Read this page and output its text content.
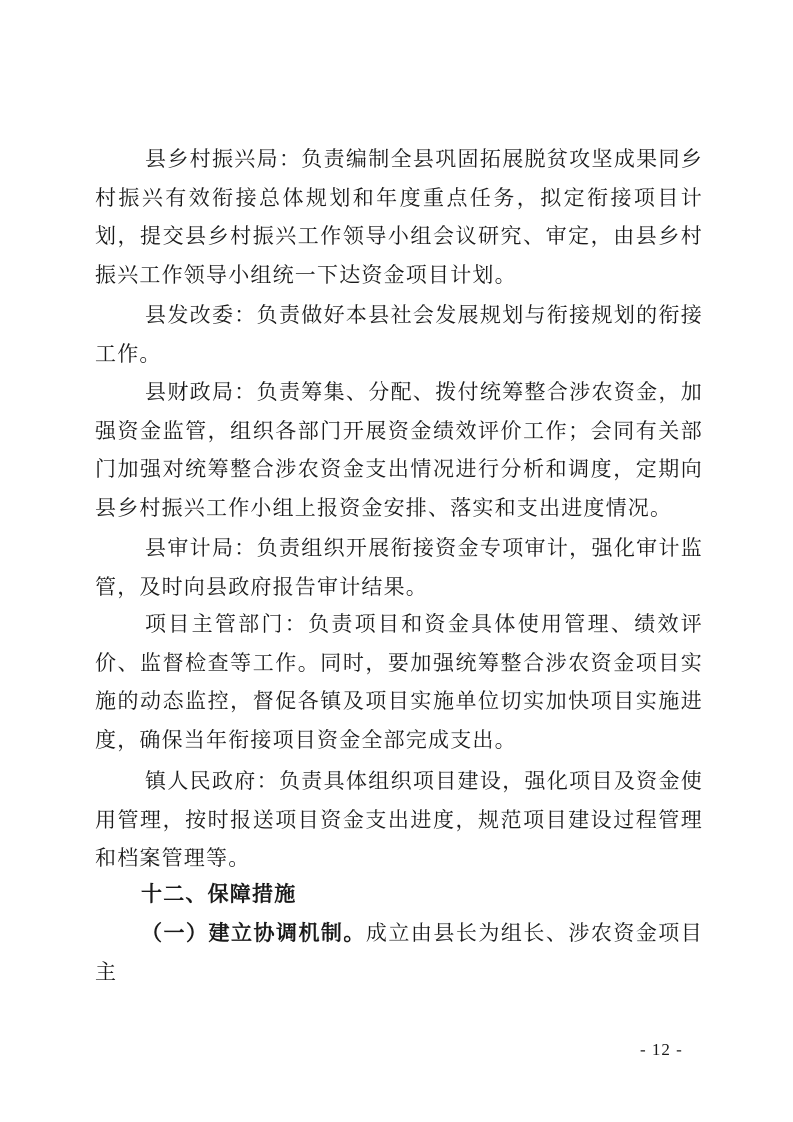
县乡村振兴局：负责编制全县巩固拓展脱贫攻坚成果同乡村振兴有效衔接总体规划和年度重点任务，拟定衔接项目计划，提交县乡村振兴工作领导小组会议研究、审定，由县乡村振兴工作领导小组统一下达资金项目计划。

县发改委：负责做好本县社会发展规划与衔接规划的衔接工作。

县财政局：负责筹集、分配、拨付统筹整合涉农资金，加强资金监管，组织各部门开展资金绩效评价工作；会同有关部门加强对统筹整合涉农资金支出情况进行分析和调度，定期向县乡村振兴工作小组上报资金安排、落实和支出进度情况。

县审计局：负责组织开展衔接资金专项审计，强化审计监管，及时向县政府报告审计结果。

项目主管部门：负责项目和资金具体使用管理、绩效评价、监督检查等工作。同时，要加强统筹整合涉农资金项目实施的动态监控，督促各镇及项目实施单位切实加快项目实施进度，确保当年衔接项目资金全部完成支出。

镇人民政府：负责具体组织项目建设，强化项目及资金使用管理，按时报送项目资金支出进度，规范项目建设过程管理和档案管理等。

十二、保障措施

（一）建立协调机制。成立由县长为组长、涉农资金项目主

- 12 -
